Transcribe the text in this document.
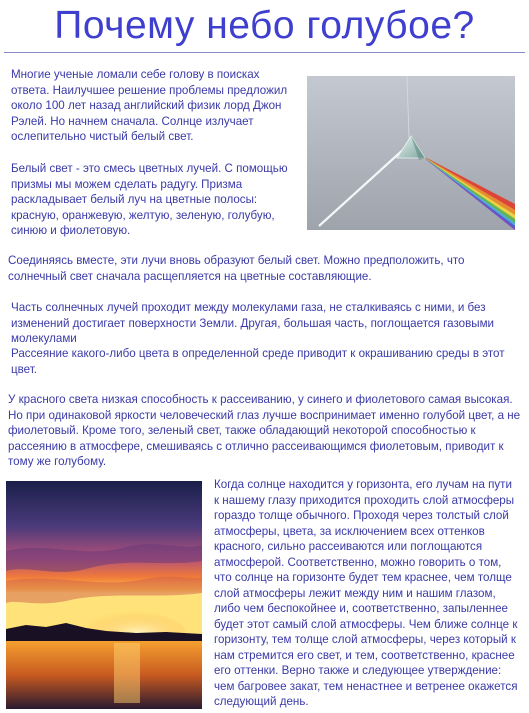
Почему небо голубое?

Многие ученые ломали себе голову в поисках ответа. Наилучшее решение проблемы предложил около 100 лет назад английский физик лорд Джон Рэлей. Но начнем сначала. Солнце излучает ослепительно чистый белый свет.

Белый свет - это смесь цветных лучей. С помощью призмы мы можем сделать радугу. Призма раскладывает белый луч на цветные полосы: красную, оранжевую, желтую, зеленую, голубую, синюю и фиолетовую.

Соединяясь вместе, эти лучи вновь образуют белый свет. Можно предположить, что солнечный свет сначала расщепляется на цветные составляющие.

Часть солнечных лучей проходит между молекулами газа, не сталкиваясь с ними, и без изменений достигает поверхности Земли. Другая, большая часть, поглощается газовыми молекулами

Рассеяние какого-либо цвета в определенной среде приводит к окрашиванию среды в этот цвет.

У красного света низкая способность к рассеиванию, у синего и фиолетового самая высокая. Но при одинаковой яркости человеческий глаз лучше воспринимает именно голубой цвет, а не фиолетовый. Кроме того, зеленый свет, также обладающий некоторой способностью к рассеянию в атмосфере, смешиваясь с отлично рассеивающимся фиолетовым, приводит к тому же голубому.

Когда солнце находится у горизонта, его лучам на пути к нашему глазу приходится проходить слой атмосферы гораздо толще обычного. Проходя через толстый слой атмосферы, цвета, за исключением всех оттенков красного, сильно рассеиваются или поглощаются атмосферой. Соответственно, можно говорить о том, что солнце на горизонте будет тем краснее, чем толще слой атмосферы лежит между ним и нашим глазом, либо чем беспокойнее и, соответственно, запыленнее будет этот самый слой атмосферы. Чем ближе солнце к горизонту, тем толще слой атмосферы, через который к нам стремится его свет, и тем, соответственно, краснее его оттенки. Верно также и следующее утверждение: чем багровее закат, тем ненастнее и ветренее окажется следующий день.
